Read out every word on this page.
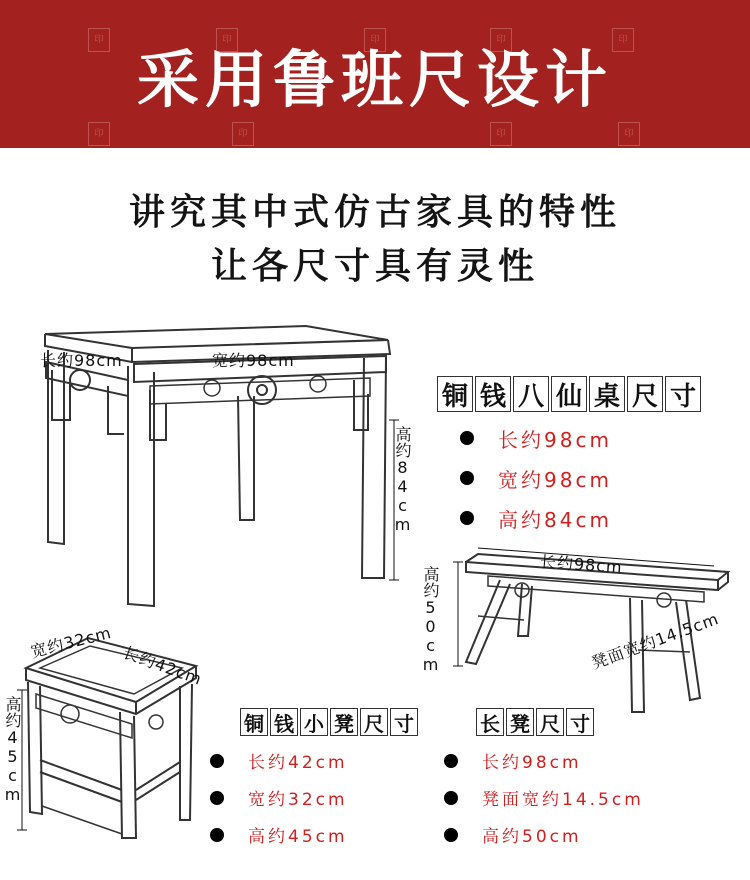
印	印	印	印	印
印	印	印	印
采用鲁班尺设计
讲究其中式仿古家具的特性
让各尺寸具有灵性
长约98cm	宽约98cm
高约84cm
铜 钱 八 仙 桌 尺 寸
长约98cm
宽约98cm
高约84cm
长约98cm
高约50cm	凳面宽约14.5cm
宽约32cm
长约42cm
高约45cm	铜 钱 小 凳 尺 寸
长约42cm
宽约32cm
高约45cm
长 凳 尺 寸
长约98cm
凳面宽约14.5cm
高约50cm
